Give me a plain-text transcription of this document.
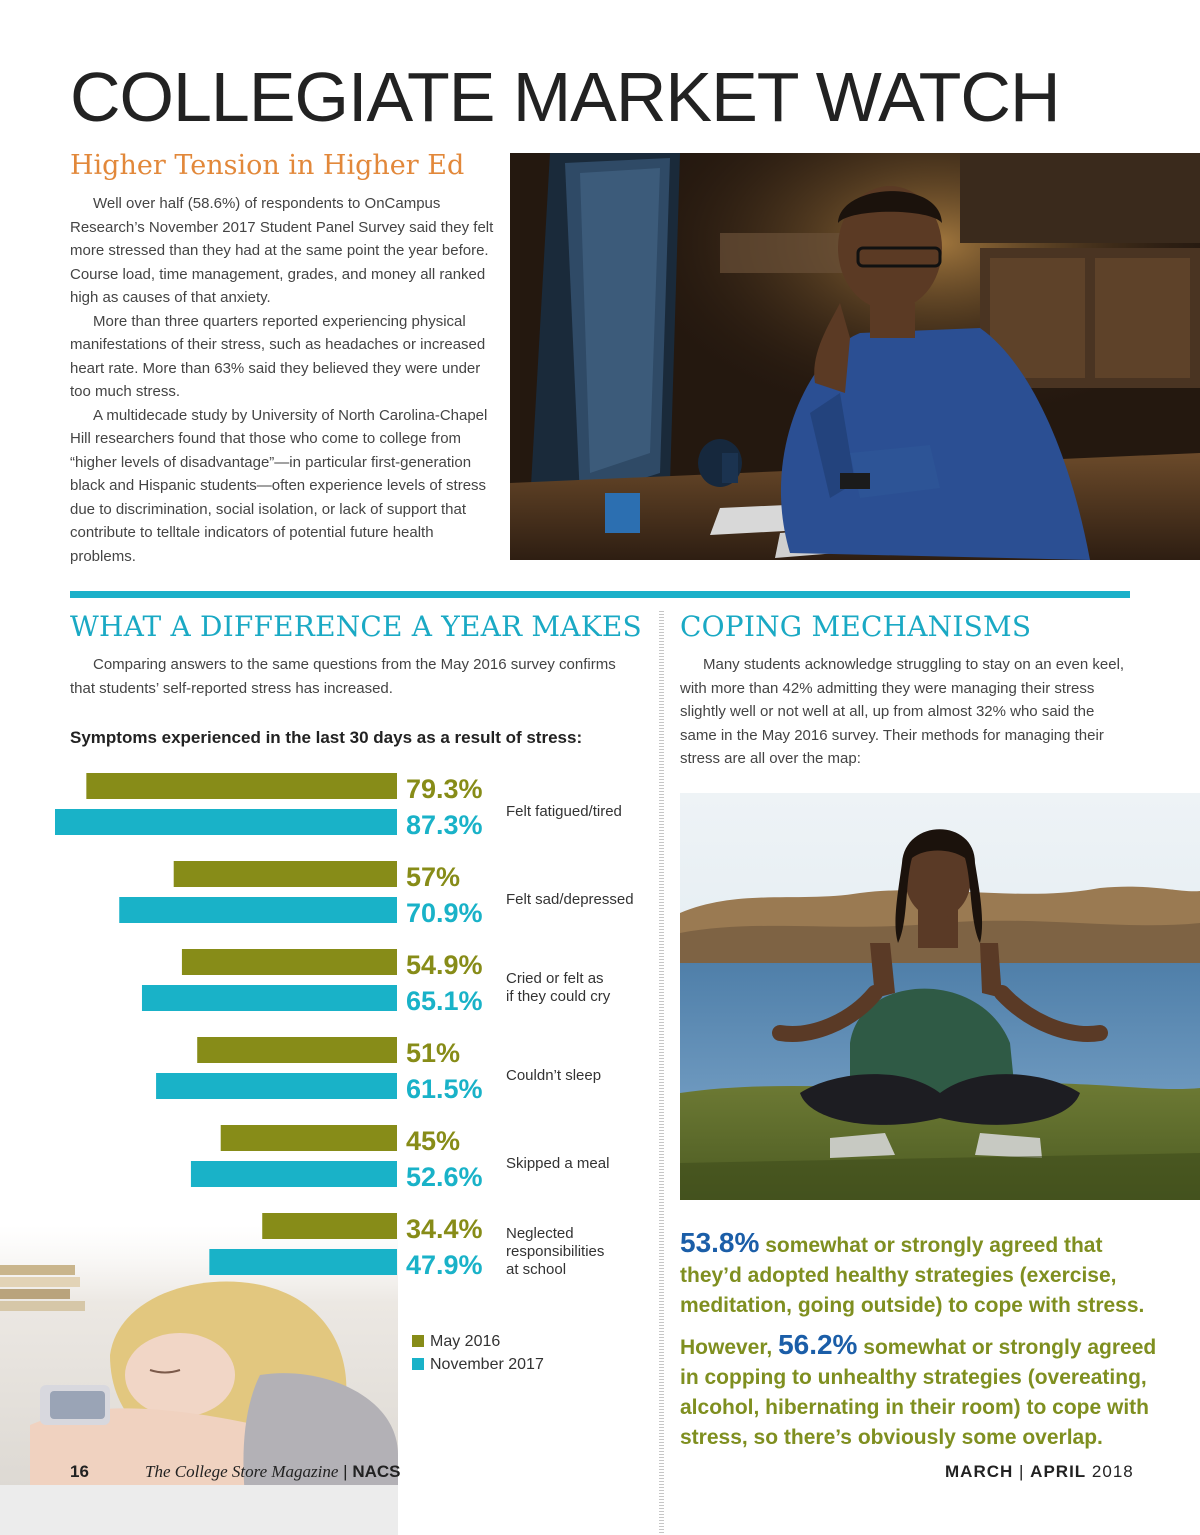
COLLEGIATE MARKET WATCH
Higher Tension in Higher Ed

Well over half (58.6%) of respondents to OnCampus Research’s November 2017 Student Panel Survey said they felt more stressed than they had at the same point the year before. Course load, time management, grades, and money all ranked high as causes of that anxiety.

More than three quarters reported experiencing physical manifestations of their stress, such as headaches or increased heart rate. More than 63% said they believed they were under too much stress.

A multidecade study by University of North Carolina-Chapel Hill researchers found that those who come to college from “higher levels of disadvantage”—in particular first-generation black and Hispanic students—often experience levels of stress due to discrimination, social isolation, or lack of support that contribute to telltale indicators of potential future health problems.

WHAT A DIFFERENCE A YEAR MAKES

Comparing answers to the same questions from the May 2016 survey confirms that students’ self-reported stress has increased.

Symptoms experienced in the last 30 days as a result of stress:
79.3%
87.3% Felt fatigued/tired
57%
70.9% Felt sad/depressed
54.9%
65.1%
Cried or felt as
if they could cry
51%
61.5% Couldn’t sleep
45%
52.6% Skipped a meal
34.4%
47.9%
Neglected
responsibilities
at school
May 2016
November 2017
COPING MECHANISMS

Many students acknowledge struggling to stay on an even keel, with more than 42% admitting they were managing their stress slightly well or not well at all, up from almost 32% who said the same in the May 2016 survey. Their methods for managing their stress are all over the map:

53.8% somewhat or strongly agreed that they’d adopted healthy strategies (exercise, meditation, going outside) to cope with stress.
However, 56.2% somewhat or strongly agreed in copping to unhealthy strategies (overeating, alcohol, hibernating in their room) to cope with stress, so there’s obviously some overlap.
16	The College Store Magazine | NACS	MARCH | APRIL 2018
